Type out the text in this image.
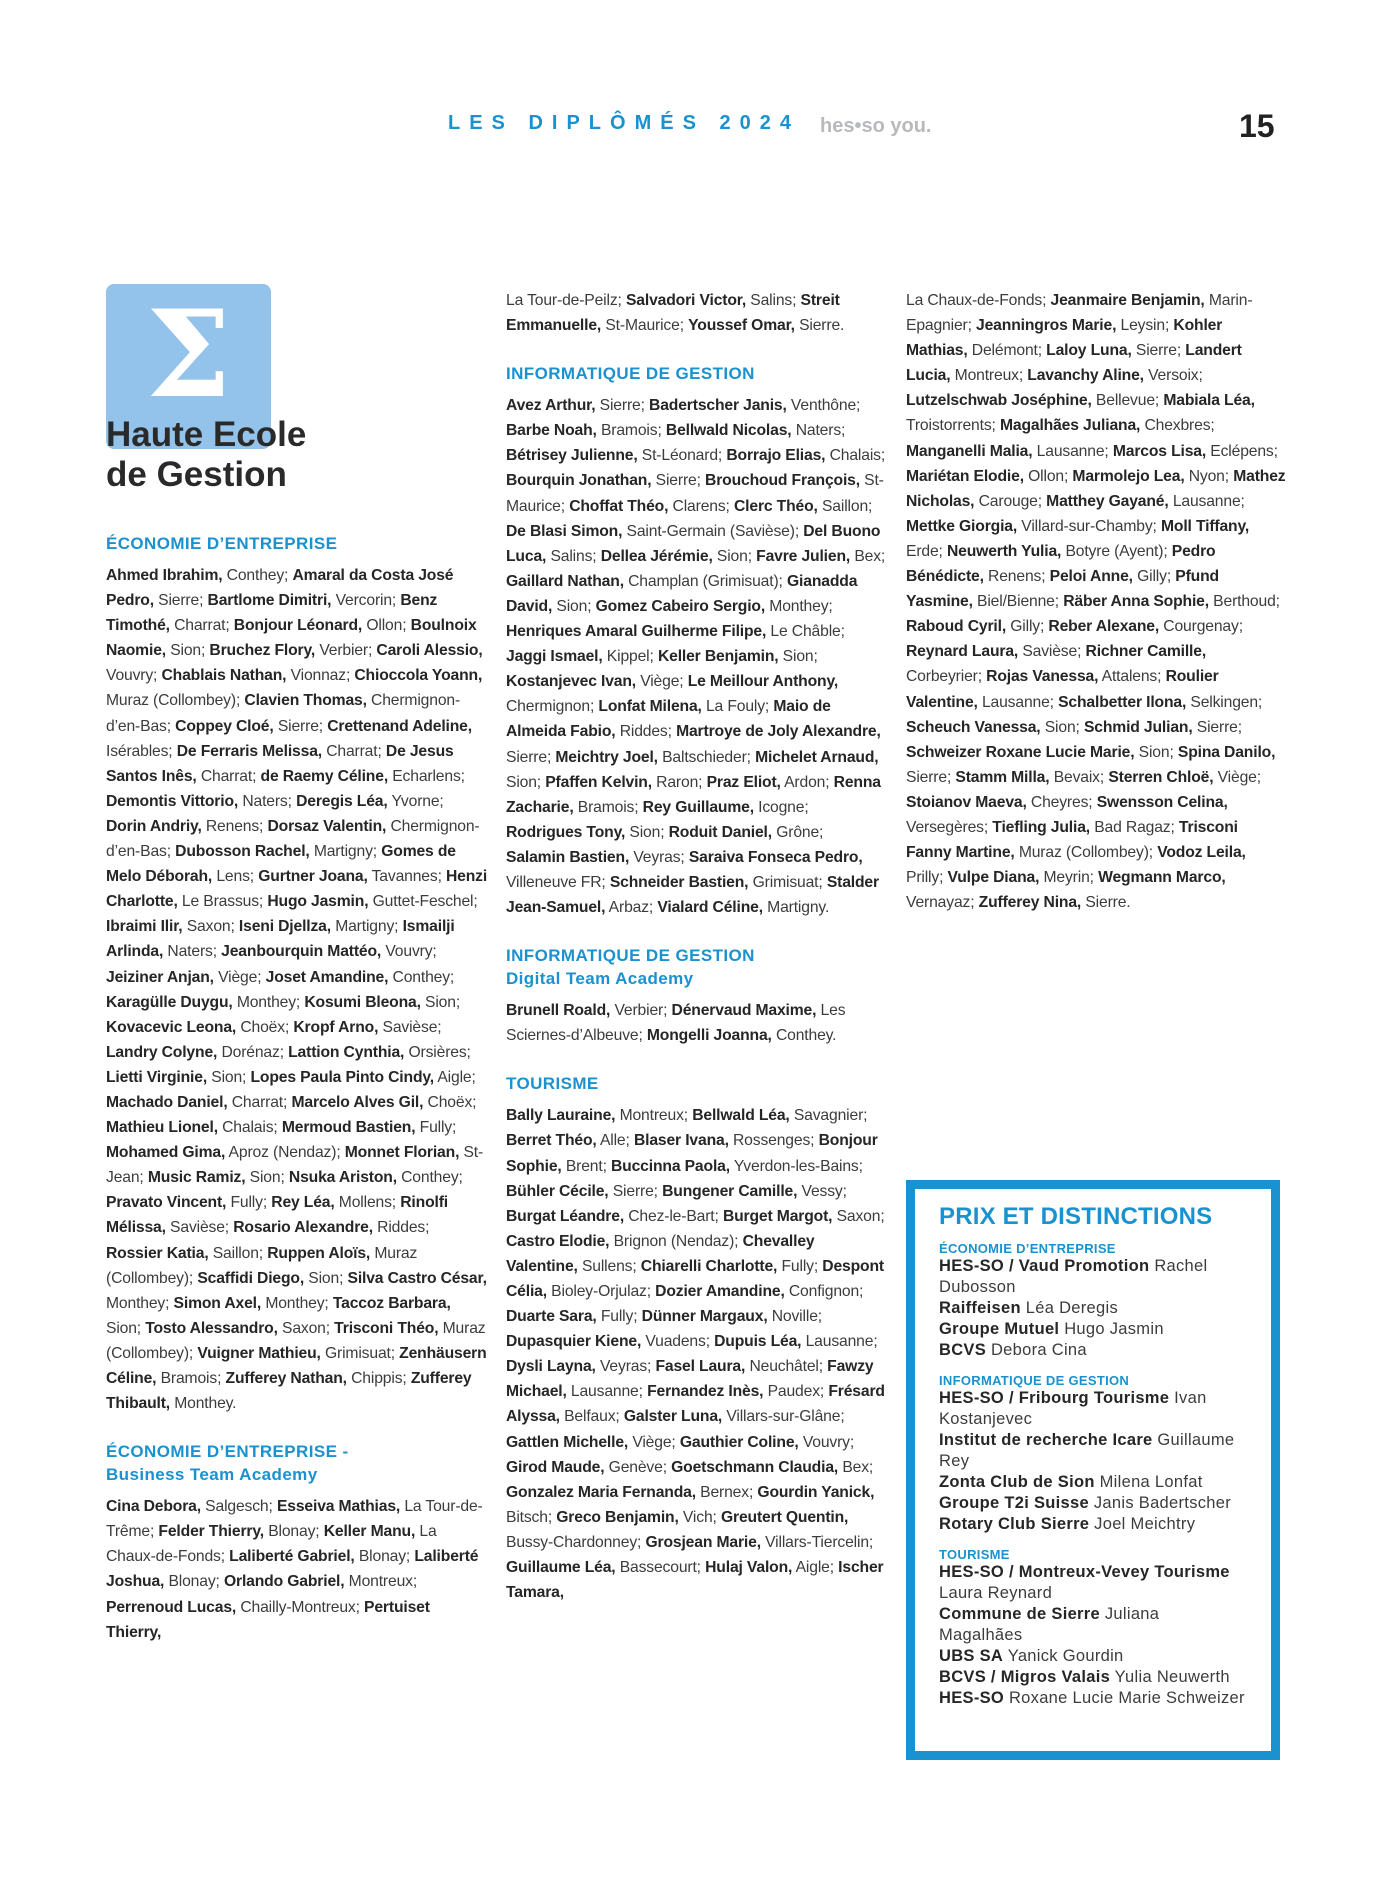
LES DIPLÔMÉS 2024 hes•so you.	15
Σ
Haute Ecole
de Gestion
ÉCONOMIE D’ENTREPRISE

Ahmed Ibrahim, Conthey; Amaral da Costa José Pedro, Sierre; Bartlome Dimitri, Vercorin; Benz Timothé, Charrat; Bonjour Léonard, Ollon; Boulnoix Naomie, Sion; Bruchez Flory, Verbier; Caroli Alessio, Vouvry; Chablais Nathan, Vionnaz; Chioccola Yoann, Muraz (Collombey); Clavien Thomas, Chermignon-d’en-Bas; Coppey Cloé, Sierre; Crettenand Adeline, Isérables; De Ferraris Melissa, Charrat; De Jesus Santos Inês, Charrat; de Raemy Céline, Echarlens; Demontis Vittorio, Naters; Deregis Léa, Yvorne; Dorin Andriy, Renens; Dorsaz Valentin, Chermignon-d’en-Bas; Dubosson Rachel, Martigny; Gomes de Melo Déborah, Lens; Gurtner Joana, Tavannes; Henzi Charlotte, Le Brassus; Hugo Jasmin, Guttet-Feschel; Ibraimi Ilir, Saxon; Iseni Djellza, Martigny; Ismailji Arlinda, Naters; Jeanbourquin Mattéo, Vouvry; Jeiziner Anjan, Viège; Joset Amandine, Conthey; Karagülle Duygu, Monthey; Kosumi Bleona, Sion; Kovacevic Leona, Choëx; Kropf Arno, Savièse; Landry Colyne, Dorénaz; Lattion Cynthia, Orsières; Lietti Virginie, Sion; Lopes Paula Pinto Cindy, Aigle; Machado Daniel, Charrat; Marcelo Alves Gil, Choëx; Mathieu Lionel, Chalais; Mermoud Bastien, Fully; Mohamed Gima, Aproz (Nendaz); Monnet Florian, St-Jean; Music Ramiz, Sion; Nsuka Ariston, Conthey; Pravato Vincent, Fully; Rey Léa, Mollens; Rinolfi Mélissa, Savièse; Rosario Alexandre, Riddes; Rossier Katia, Saillon; Ruppen Aloïs, Muraz (Collombey); Scaffidi Diego, Sion; Silva Castro César, Monthey; Simon Axel, Monthey; Taccoz Barbara, Sion; Tosto Alessandro, Saxon; Trisconi Théo, Muraz (Collombey); Vuigner Mathieu, Grimisuat; Zenhäusern Céline, Bramois; Zufferey Nathan, Chippis; Zufferey Thibault, Monthey.

ÉCONOMIE D’ENTREPRISE -
Business Team Academy

Cina Debora, Salgesch; Esseiva Mathias, La Tour-de-Trême; Felder Thierry, Blonay; Keller Manu, La Chaux-de-Fonds; Laliberté Gabriel, Blonay; Laliberté Joshua, Blonay; Orlando Gabriel, Montreux; Perrenoud Lucas, Chailly-Montreux; Pertuiset Thierry,

La Tour-de-Peilz; Salvadori Victor, Salins; Streit Emmanuelle, St-Maurice; Youssef Omar, Sierre.

INFORMATIQUE DE GESTION

Avez Arthur, Sierre; Badertscher Janis, Venthône; Barbe Noah, Bramois; Bellwald Nicolas, Naters; Bétrisey Julienne, St-Léonard; Borrajo Elias, Chalais; Bourquin Jonathan, Sierre; Brouchoud François, St-Maurice; Choffat Théo, Clarens; Clerc Théo, Saillon; De Blasi Simon, Saint-Germain (Savièse); Del Buono Luca, Salins; Dellea Jérémie, Sion; Favre Julien, Bex; Gaillard Nathan, Champlan (Grimisuat); Gianadda David, Sion; Gomez Cabeiro Sergio, Monthey; Henriques Amaral Guilherme Filipe, Le Châble; Jaggi Ismael, Kippel; Keller Benjamin, Sion; Kostanjevec Ivan, Viège; Le Meillour Anthony, Chermignon; Lonfat Milena, La Fouly; Maio de Almeida Fabio, Riddes; Martroye de Joly Alexandre, Sierre; Meichtry Joel, Baltschieder; Michelet Arnaud, Sion; Pfaffen Kelvin, Raron; Praz Eliot, Ardon; Renna Zacharie, Bramois; Rey Guillaume, Icogne; Rodrigues Tony, Sion; Roduit Daniel, Grône; Salamin Bastien, Veyras; Saraiva Fonseca Pedro, Villeneuve FR; Schneider Bastien, Grimisuat; Stalder Jean-Samuel, Arbaz; Vialard Céline, Martigny.

INFORMATIQUE DE GESTION
Digital Team Academy

Brunell Roald, Verbier; Dénervaud Maxime, Les Sciernes-d’Albeuve; Mongelli Joanna, Conthey.

TOURISME

Bally Lauraine, Montreux; Bellwald Léa, Savagnier; Berret Théo, Alle; Blaser Ivana, Rossenges; Bonjour Sophie, Brent; Buccinna Paola, Yverdon-les-Bains; Bühler Cécile, Sierre; Bungener Camille, Vessy; Burgat Léandre, Chez-le-Bart; Burget Margot, Saxon; Castro Elodie, Brignon (Nendaz); Chevalley Valentine, Sullens; Chiarelli Charlotte, Fully; Despont Célia, Bioley-Orjulaz; Dozier Amandine, Confignon; Duarte Sara, Fully; Dünner Margaux, Noville; Dupasquier Kiene, Vuadens; Dupuis Léa, Lausanne; Dysli Layna, Veyras; Fasel Laura, Neuchâtel; Fawzy Michael, Lausanne; Fernandez Inès, Paudex; Frésard Alyssa, Belfaux; Galster Luna, Villars-sur-Glâne; Gattlen Michelle, Viège; Gauthier Coline, Vouvry; Girod Maude, Genève; Goetschmann Claudia, Bex; Gonzalez Maria Fernanda, Bernex; Gourdin Yanick, Bitsch; Greco Benjamin, Vich; Greutert Quentin, Bussy-Chardonney; Grosjean Marie, Villars-Tiercelin; Guillaume Léa, Bassecourt; Hulaj Valon, Aigle; Ischer Tamara,

La Chaux-de-Fonds; Jeanmaire Benjamin, Marin-Epagnier; Jeanningros Marie, Leysin; Kohler Mathias, Delémont; Laloy Luna, Sierre; Landert Lucia, Montreux; Lavanchy Aline, Versoix; Lutzelschwab Joséphine, Bellevue; Mabiala Léa, Troistorrents; Magalhães Juliana, Chexbres; Manganelli Malia, Lausanne; Marcos Lisa, Eclépens; Mariétan Elodie, Ollon; Marmolejo Lea, Nyon; Mathez Nicholas, Carouge; Matthey Gayané, Lausanne; Mettke Giorgia, Villard-sur-Chamby; Moll Tiffany, Erde; Neuwerth Yulia, Botyre (Ayent); Pedro Bénédicte, Renens; Peloi Anne, Gilly; Pfund Yasmine, Biel/Bienne; Räber Anna Sophie, Berthoud; Raboud Cyril, Gilly; Reber Alexane, Courgenay; Reynard Laura, Savièse; Richner Camille, Corbeyrier; Rojas Vanessa, Attalens; Roulier Valentine, Lausanne; Schalbetter Ilona, Selkingen; Scheuch Vanessa, Sion; Schmid Julian, Sierre; Schweizer Roxane Lucie Marie, Sion; Spina Danilo, Sierre; Stamm Milla, Bevaix; Sterren Chloë, Viège; Stoianov Maeva, Cheyres; Swensson Celina, Versegères; Tiefling Julia, Bad Ragaz; Trisconi Fanny Martine, Muraz (Collombey); Vodoz Leila, Prilly; Vulpe Diana, Meyrin; Wegmann Marco, Vernayaz; Zufferey Nina, Sierre.

PRIX ET DISTINCTIONS
ÉCONOMIE D’ENTREPRISE
HES-SO / Vaud Promotion Rachel Dubosson
Raiffeisen Léa Deregis
Groupe Mutuel Hugo Jasmin
BCVS Debora Cina
INFORMATIQUE DE GESTION
HES-SO / Fribourg Tourisme Ivan Kostanjevec
Institut de recherche Icare Guillaume Rey
Zonta Club de Sion Milena Lonfat
Groupe T2i Suisse Janis Badertscher
Rotary Club Sierre Joel Meichtry
TOURISME
HES-SO / Montreux-Vevey Tourisme Laura Reynard
Commune de Sierre Juliana Magalhães
UBS SA Yanick Gourdin
BCVS / Migros Valais Yulia Neuwerth
HES-SO Roxane Lucie Marie Schweizer
